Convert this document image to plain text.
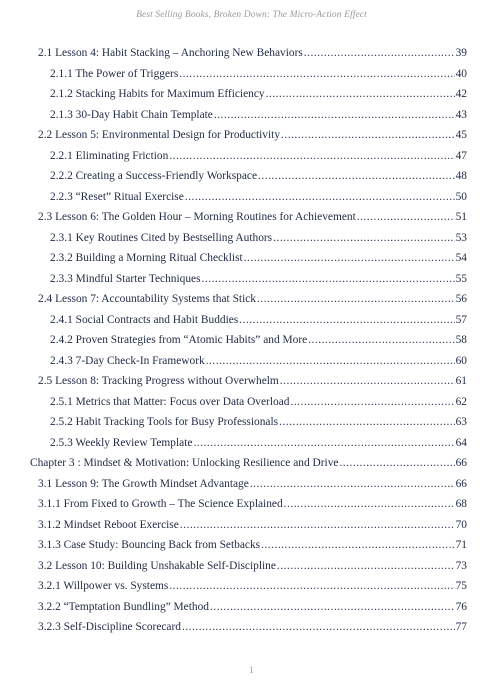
Best Selling Books, Broken Down: The Micro-Action Effect
2.1 Lesson 4: Habit Stacking – Anchoring New Behaviors .....	39
2.1.1 The Power of Triggers .....	40
2.1.2 Stacking Habits for Maximum Efficiency .....	42
2.1.3 30-Day Habit Chain Template .....	43
2.2 Lesson 5: Environmental Design for Productivity .....	45
2.2.1 Eliminating Friction .....	47
2.2.2 Creating a Success-Friendly Workspace .....	48
2.2.3 “Reset” Ritual Exercise .....	50
2.3 Lesson 6: The Golden Hour – Morning Routines for Achievement .....	51
2.3.1 Key Routines Cited by Bestselling Authors .....	53
2.3.2 Building a Morning Ritual Checklist .....	54
2.3.3 Mindful Starter Techniques .....	55
2.4 Lesson 7: Accountability Systems that Stick .....	56
2.4.1 Social Contracts and Habit Buddies .....	57
2.4.2 Proven Strategies from “Atomic Habits” and More .....	58
2.4.3 7-Day Check-In Framework .....	60
2.5 Lesson 8: Tracking Progress without Overwhelm .....	61
2.5.1 Metrics that Matter: Focus over Data Overload .....	62
2.5.2 Habit Tracking Tools for Busy Professionals .....	63
2.5.3 Weekly Review Template .....	64
Chapter 3 : Mindset & Motivation: Unlocking Resilience and Drive .....	66
3.1 Lesson 9: The Growth Mindset Advantage .....	66
3.1.1 From Fixed to Growth – The Science Explained .....	68
3.1.2 Mindset Reboot Exercise .....	70
3.1.3 Case Study: Bouncing Back from Setbacks .....	71
3.2 Lesson 10: Building Unshakable Self-Discipline .....	73
3.2.1 Willpower vs. Systems .....	75
3.2.2 “Temptation Bundling” Method .....	76
3.2.3 Self-Discipline Scorecard .....	77
1
